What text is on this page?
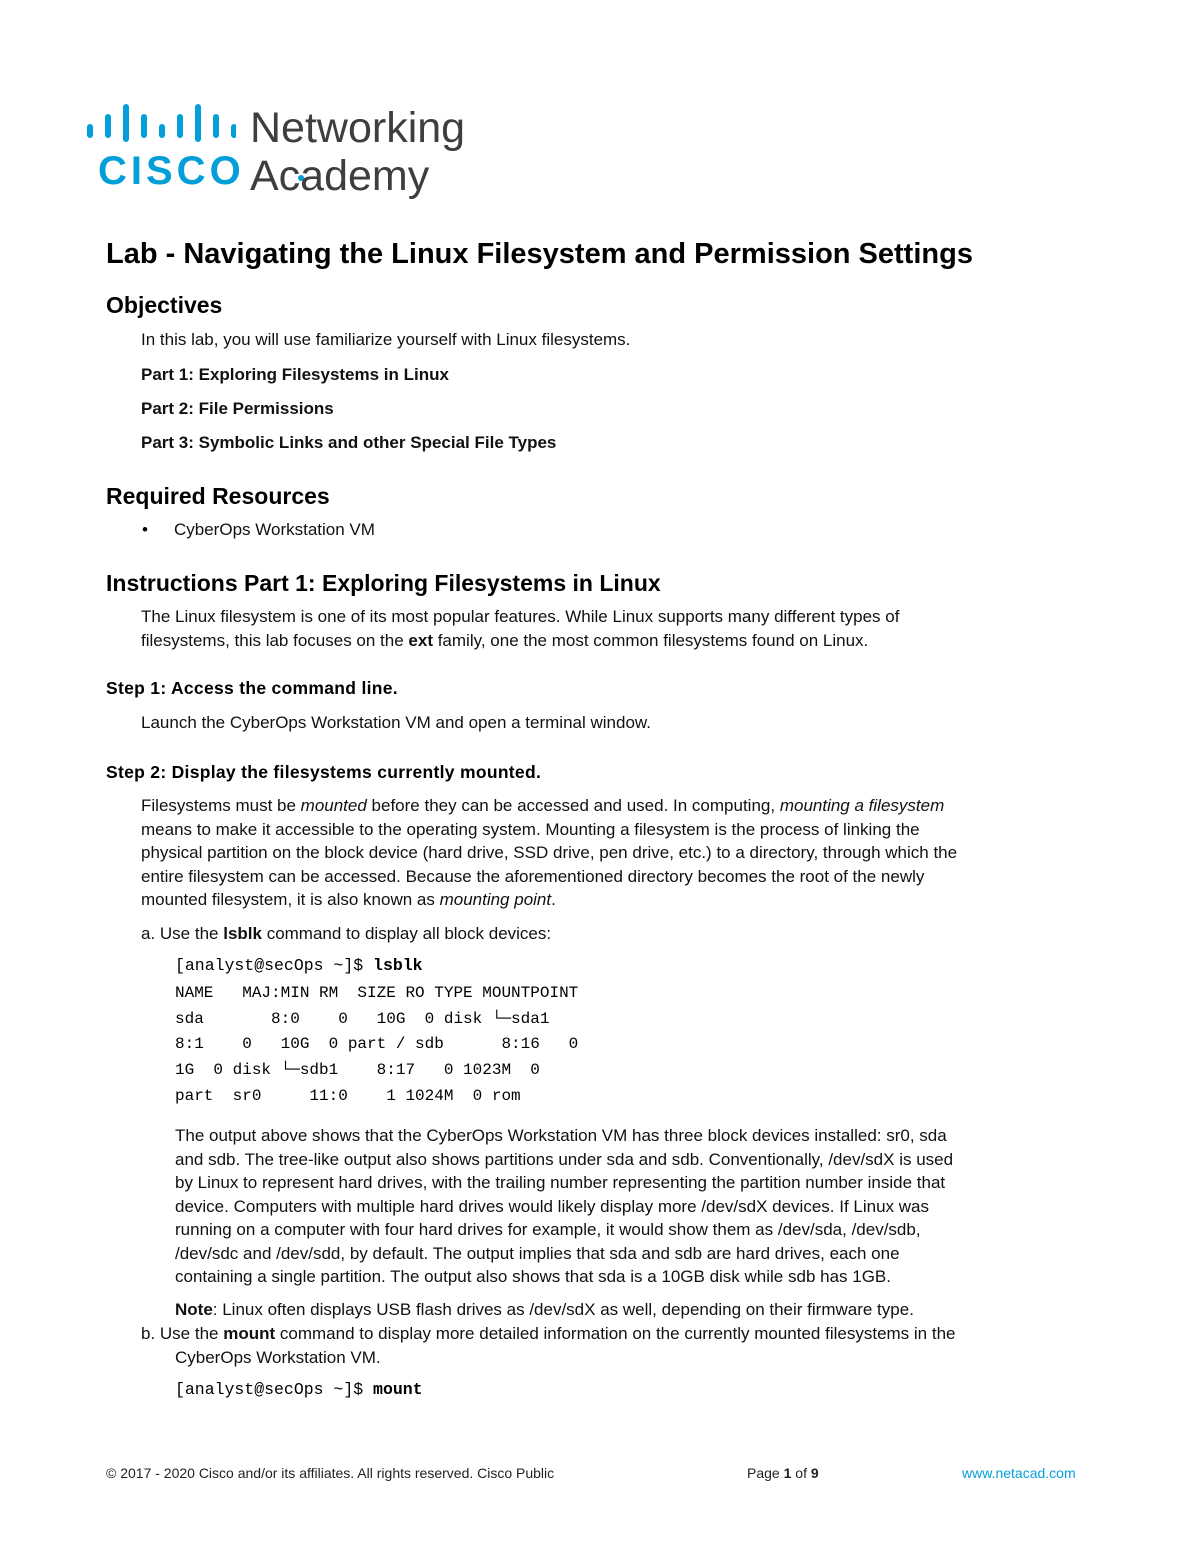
CISCO
Networking
Academy
Lab - Navigating the Linux Filesystem and Permission Settings
Objectives
In this lab, you will use familiarize yourself with Linux filesystems.
Part 1: Exploring Filesystems in Linux
Part 2: File Permissions
Part 3: Symbolic Links and other Special File Types
Required Resources
• CyberOps Workstation VM
Instructions Part 1: Exploring Filesystems in Linux
The Linux filesystem is one of its most popular features. While Linux supports many different types of
filesystems, this lab focuses on the ext family, one the most common filesystems found on Linux.
Step 1: Access the command line.
Launch the CyberOps Workstation VM and open a terminal window.
Step 2: Display the filesystems currently mounted.
Filesystems must be mounted before they can be accessed and used. In computing, mounting a filesystem
means to make it accessible to the operating system. Mounting a filesystem is the process of linking the
physical partition on the block device (hard drive, SSD drive, pen drive, etc.) to a directory, through which the
entire filesystem can be accessed. Because the aforementioned directory becomes the root of the newly
mounted filesystem, it is also known as mounting point.
a. Use the lsblk command to display all block devices:
[analyst@secOps ~]$ lsblk
NAME   MAJ:MIN RM  SIZE RO TYPE MOUNTPOINT
sda       8:0    0   10G  0 disk └─sda1
8:1    0   10G  0 part / sdb      8:16   0
1G  0 disk └─sdb1    8:17   0 1023M  0
part  sr0     11:0    1 1024M  0 rom
The output above shows that the CyberOps Workstation VM has three block devices installed: sr0, sda
and sdb. The tree-like output also shows partitions under sda and sdb. Conventionally, /dev/sdX is used
by Linux to represent hard drives, with the trailing number representing the partition number inside that
device. Computers with multiple hard drives would likely display more /dev/sdX devices. If Linux was
running on a computer with four hard drives for example, it would show them as /dev/sda, /dev/sdb,
/dev/sdc and /dev/sdd, by default. The output implies that sda and sdb are hard drives, each one
containing a single partition. The output also shows that sda is a 10GB disk while sdb has 1GB.
Note: Linux often displays USB flash drives as /dev/sdX as well, depending on their firmware type.
b. Use the mount command to display more detailed information on the currently mounted filesystems in the
CyberOps Workstation VM.
[analyst@secOps ~]$ mount
© 2017 - 2020 Cisco and/or its affiliates. All rights reserved. Cisco Public	Page 1 of 9	www.netacad.com
